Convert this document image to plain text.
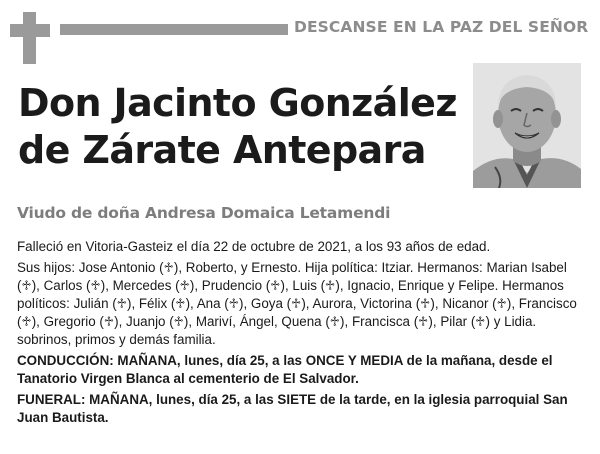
DESCANSE EN LA PAZ DEL SEÑOR
Don Jacinto González
de Zárate Antepara
Viudo de doña Andresa Domaica Letamendi

Falleció en Vitoria-Gasteiz el día 22 de octubre de 2021, a los 93 años de edad.

Sus hijos: Jose Antonio (♱), Roberto, y Ernesto. Hija política: Itziar. Hermanos: Marian Isabel (♱), Carlos (♱), Mercedes (♱), Prudencio (♱), Luis (♱), Ignacio, Enrique y Felipe. Hermanos políticos: Julián (♱), Félix (♱), Ana (♱), Goya (♱), Aurora, Victorina (♱), Nicanor (♱), Francisco (♱), Gregorio (♱), Juanjo (♱), Mariví, Ángel, Quena (♱), Francisca (♱), Pilar (♱) y Lidia. sobrinos, primos y demás familia.

CONDUCCIÓN: MAÑANA, lunes, día 25, a las ONCE Y MEDIA de la mañana, desde el Tanatorio Virgen Blanca al cementerio de El Salvador.

FUNERAL: MAÑANA, lunes, día 25, a las SIETE de la tarde, en la iglesia parroquial San Juan Bautista.
